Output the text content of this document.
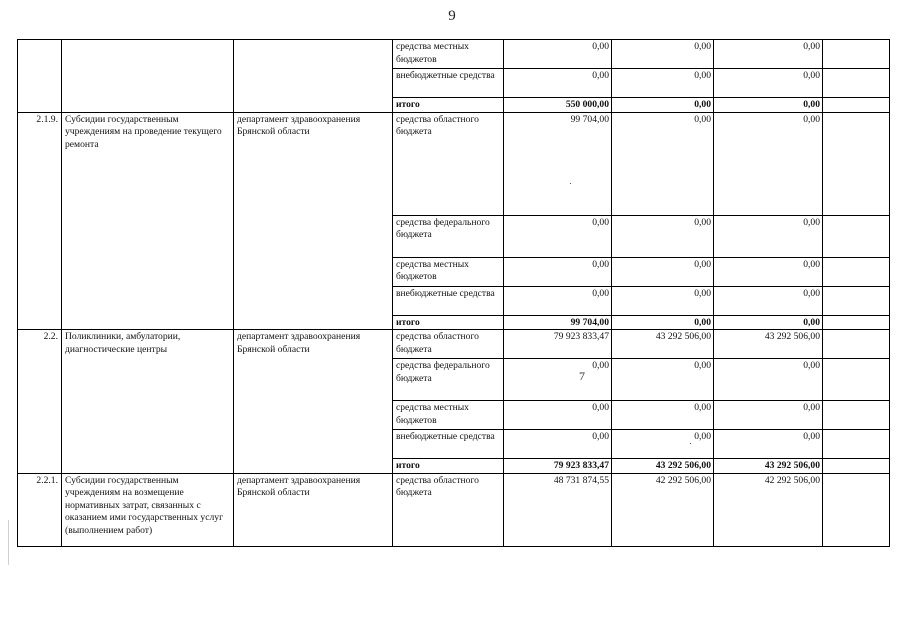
9
			средства местных бюджетов	0,00	0,00	0,00	
			внебюджетные средства	0,00	0,00	0,00	
			итого	550 000,00	0,00	0,00	
2.1.9.	Субсидии государственным учреждениям на проведение текущего ремонта	департамент здравоохранения Брянской области	средства областного бюджета	99 704,00	0,00	0,00	
			средства федерального бюджета	0,00	0,00	0,00	
			средства местных бюджетов	0,00	0,00	0,00	
			внебюджетные средства	0,00	0,00	0,00	
			итого	99 704,00	0,00	0,00	
2.2.	Поликлиники, амбулатории, диагностические центры	департамент здравоохранения Брянской области	средства областного бюджета	79 923 833,47	43 292 506,00	43 292 506,00	
			средства федерального бюджета	0,00	0,00	0,00	
			средства местных бюджетов	0,00	0,00	0,00	
			внебюджетные средства	0,00	0,00	0,00	
			итого	79 923 833,47	43 292 506,00	43 292 506,00	
2.2.1.	Субсидии государственным учреждениям на возмещение нормативных затрат, связанных с оказанием ими государственных услуг (выполнением работ)	департамент здравоохранения Брянской области	средства областного бюджета	48 731 874,55	42 292 506,00	42 292 506,00	
7
